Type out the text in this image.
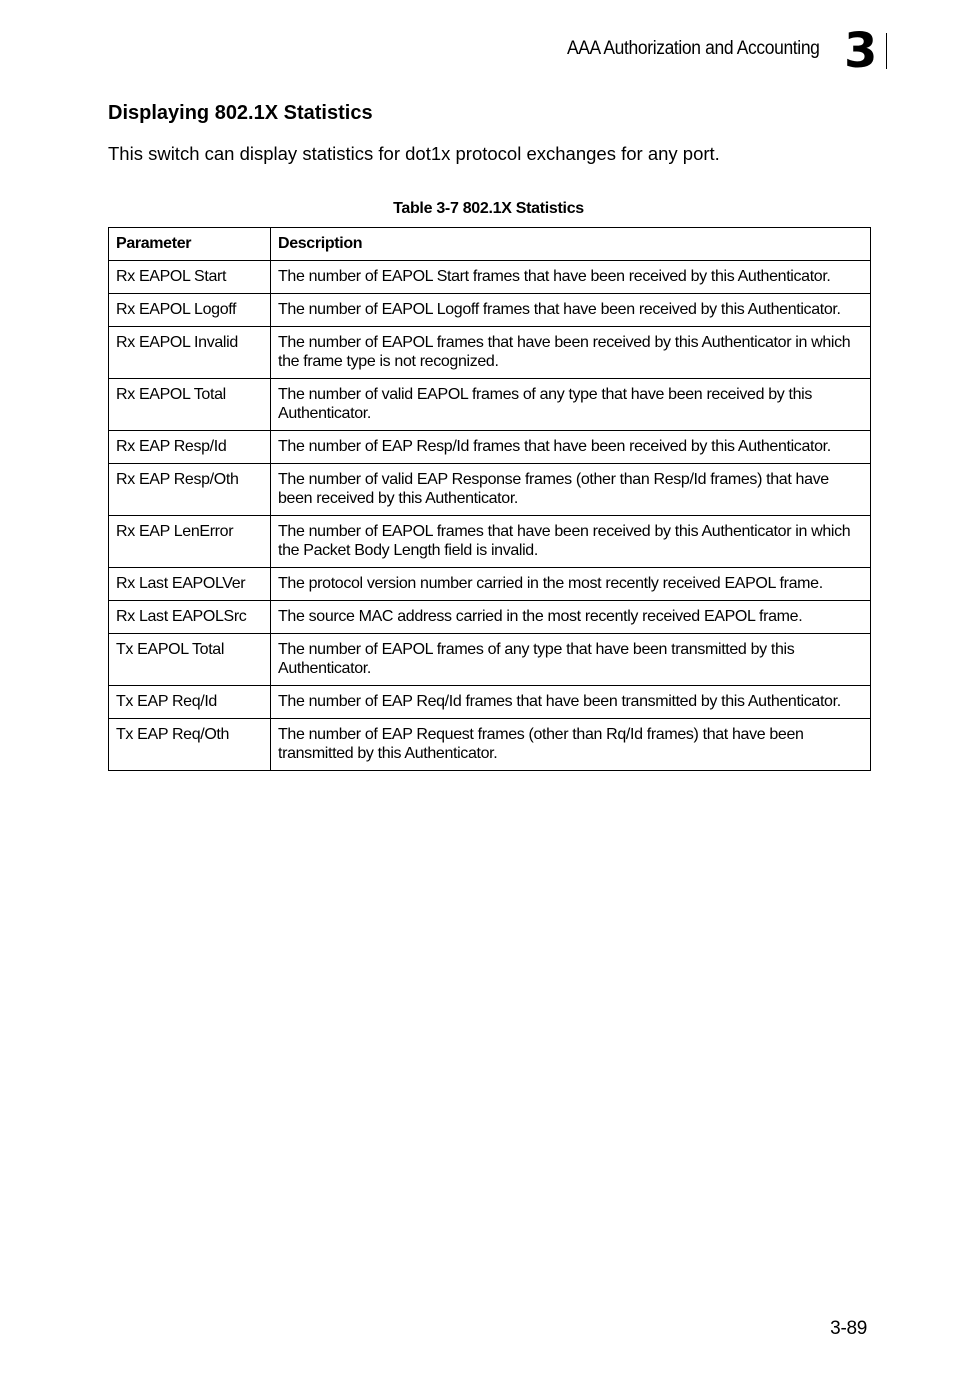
AAA Authorization and Accounting 3
Displaying 802.1X Statistics
This switch can display statistics for dot1x protocol exchanges for any port.
Table 3-7 802.1X Statistics
Parameter	Description
Rx EAPOL Start	The number of EAPOL Start frames that have been received by this Authenticator.
Rx EAPOL Logoff	The number of EAPOL Logoff frames that have been received by this Authenticator.
Rx EAPOL Invalid	The number of EAPOL frames that have been received by this Authenticator in which the frame type is not recognized.
Rx EAPOL Total	The number of valid EAPOL frames of any type that have been received by this Authenticator.
Rx EAP Resp/Id	The number of EAP Resp/Id frames that have been received by this Authenticator.
Rx EAP Resp/Oth	The number of valid EAP Response frames (other than Resp/Id frames) that have been received by this Authenticator.
Rx EAP LenError	The number of EAPOL frames that have been received by this Authenticator in which the Packet Body Length field is invalid.
Rx Last EAPOLVer	The protocol version number carried in the most recently received EAPOL frame.
Rx Last EAPOLSrc	The source MAC address carried in the most recently received EAPOL frame.
Tx EAPOL Total	The number of EAPOL frames of any type that have been transmitted by this Authenticator.
Tx EAP Req/Id	The number of EAP Req/Id frames that have been transmitted by this Authenticator.
Tx EAP Req/Oth	The number of EAP Request frames (other than Rq/Id frames) that have been transmitted by this Authenticator.
3-89
